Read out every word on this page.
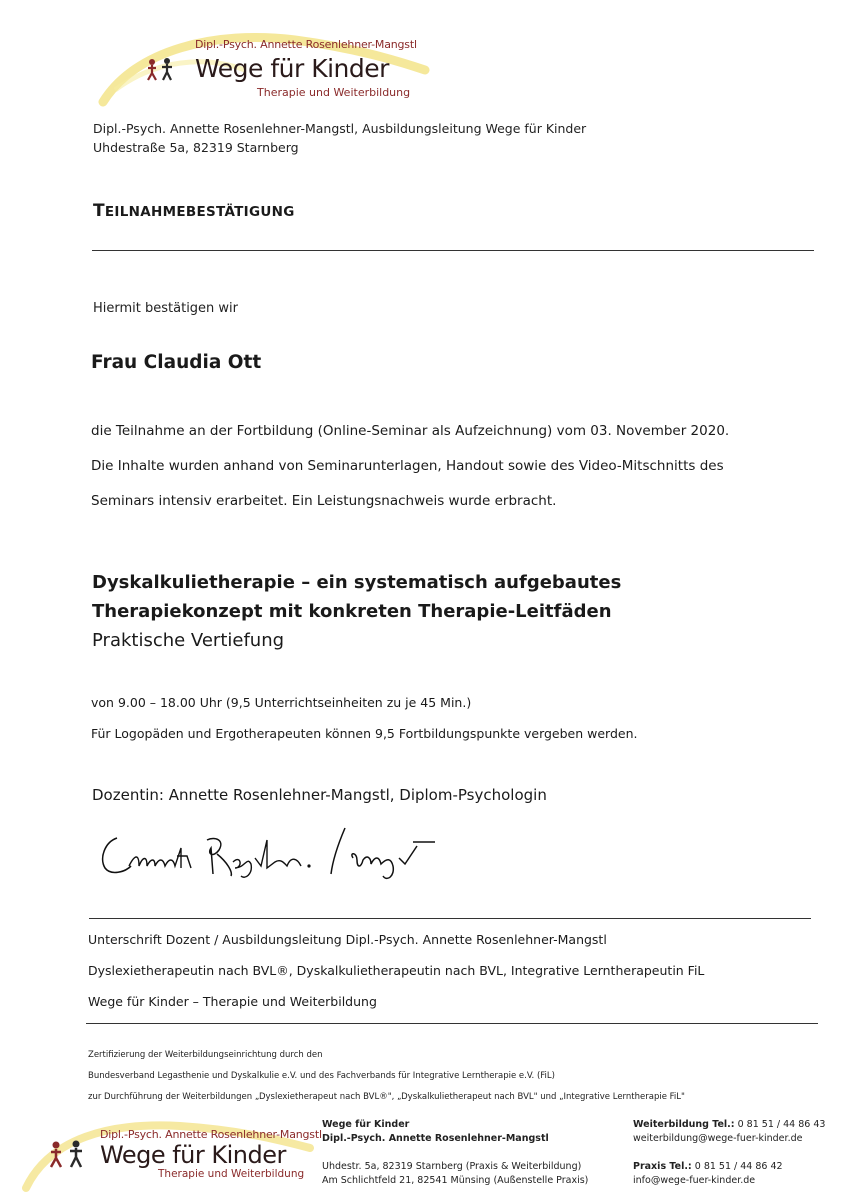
Dipl.-Psych. Annette Rosenlehner-Mangstl
Wege für Kinder
Therapie und Weiterbildung
Dipl.-Psych. Annette Rosenlehner-Mangstl, Ausbildungsleitung Wege für Kinder
Uhdestraße 5a, 82319 Starnberg
TEILNAHMEBESTÄTIGUNG
Hiermit bestätigen wir
Frau Claudia Ott
die Teilnahme an der Fortbildung (Online-Seminar als Aufzeichnung) vom 03. November 2020.
Die Inhalte wurden anhand von Seminarunterlagen, Handout sowie des Video-Mitschnitts des
Seminars intensiv erarbeitet. Ein Leistungsnachweis wurde erbracht.
Dyskalkulietherapie – ein systematisch aufgebautes
Therapiekonzept mit konkreten Therapie-Leitfäden
Praktische Vertiefung
von 9.00 – 18.00 Uhr (9,5 Unterrichtseinheiten zu je 45 Min.)
Für Logopäden und Ergotherapeuten können 9,5 Fortbildungspunkte vergeben werden.
Dozentin: Annette Rosenlehner-Mangstl, Diplom-Psychologin
Unterschrift Dozent / Ausbildungsleitung Dipl.-Psych. Annette Rosenlehner-Mangstl
Dyslexietherapeutin nach BVL®, Dyskalkulietherapeutin nach BVL, Integrative Lerntherapeutin FiL
Wege für Kinder – Therapie und Weiterbildung
Zertifizierung der Weiterbildungseinrichtung durch den
Bundesverband Legasthenie und Dyskalkulie e.V. und des Fachverbands für Integrative Lerntherapie e.V. (FiL)
zur Durchführung der Weiterbildungen „Dyslexietherapeut nach BVL®", „Dyskalkulietherapeut nach BVL" und „Integrative Lerntherapie FiL"
Dipl.-Psych. Annette Rosenlehner-Mangstl
Wege für Kinder
Therapie und Weiterbildung
Wege für Kinder
Dipl.-Psych. Annette Rosenlehner-Mangstl
Uhdestr. 5a, 82319 Starnberg (Praxis & Weiterbildung)
Am Schlichtfeld 21, 82541 Münsing (Außenstelle Praxis)
Weiterbildung Tel.: 0 81 51 / 44 86 43
weiterbildung@wege-fuer-kinder.de
Praxis Tel.: 0 81 51 / 44 86 42
info@wege-fuer-kinder.de
